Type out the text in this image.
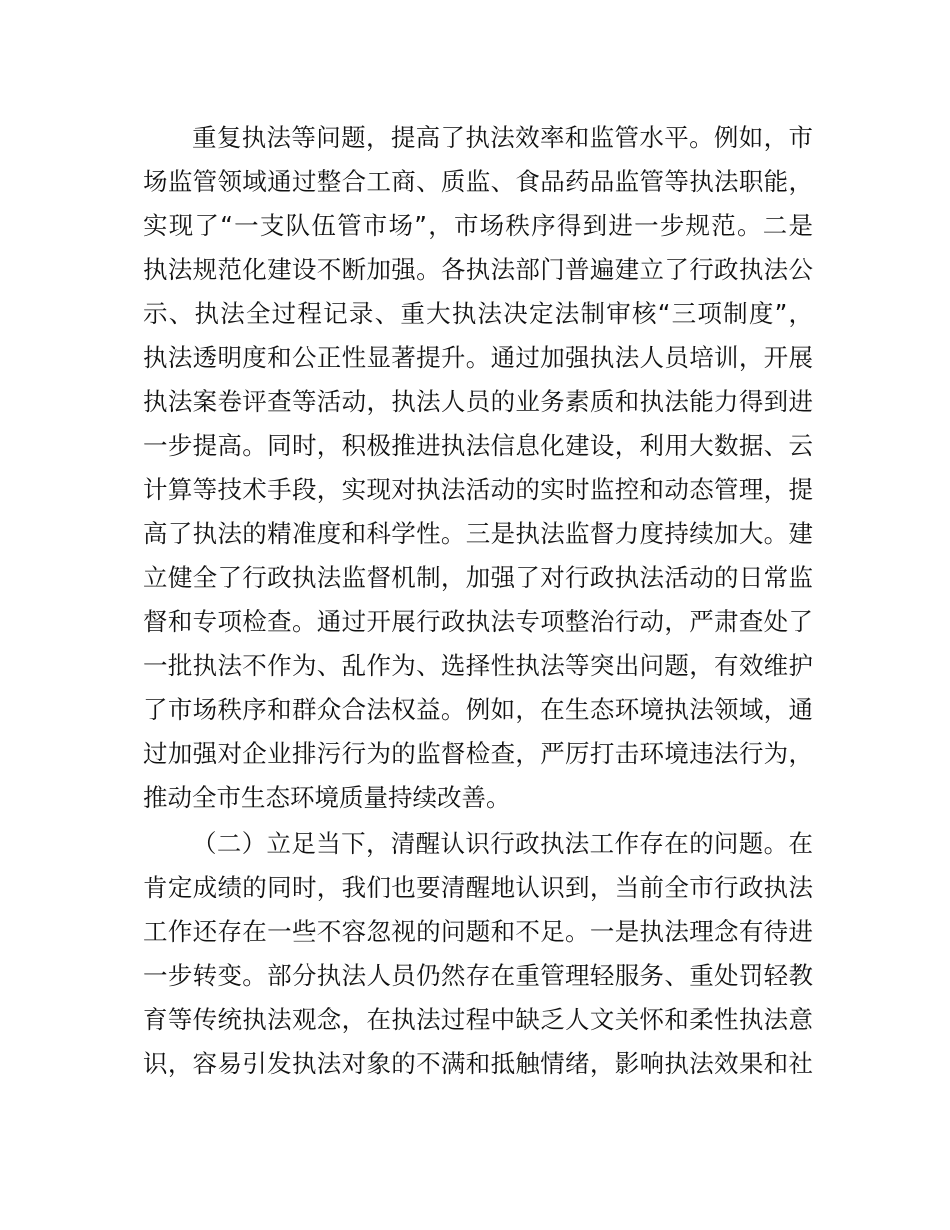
重复执法等问题，提高了执法效率和监管水平。例如，市
场监管领域通过整合工商、质监、食品药品监管等执法职能，
实现了“一支队伍管市场”，市场秩序得到进一步规范。二是
执法规范化建设不断加强。各执法部门普遍建立了行政执法公
示、执法全过程记录、重大执法决定法制审核“三项制度”，
执法透明度和公正性显著提升。通过加强执法人员培训，开展
执法案卷评查等活动，执法人员的业务素质和执法能力得到进
一步提高。同时，积极推进执法信息化建设，利用大数据、云
计算等技术手段，实现对执法活动的实时监控和动态管理，提
高了执法的精准度和科学性。三是执法监督力度持续加大。建
立健全了行政执法监督机制，加强了对行政执法活动的日常监
督和专项检查。通过开展行政执法专项整治行动，严肃查处了
一批执法不作为、乱作为、选择性执法等突出问题，有效维护
了市场秩序和群众合法权益。例如，在生态环境执法领域，通
过加强对企业排污行为的监督检查，严厉打击环境违法行为，
推动全市生态环境质量持续改善。
（二）立足当下，清醒认识行政执法工作存在的问题。在
肯定成绩的同时，我们也要清醒地认识到，当前全市行政执法
工作还存在一些不容忽视的问题和不足。一是执法理念有待进
一步转变。部分执法人员仍然存在重管理轻服务、重处罚轻教
育等传统执法观念，在执法过程中缺乏人文关怀和柔性执法意
识，容易引发执法对象的不满和抵触情绪，影响执法效果和社
